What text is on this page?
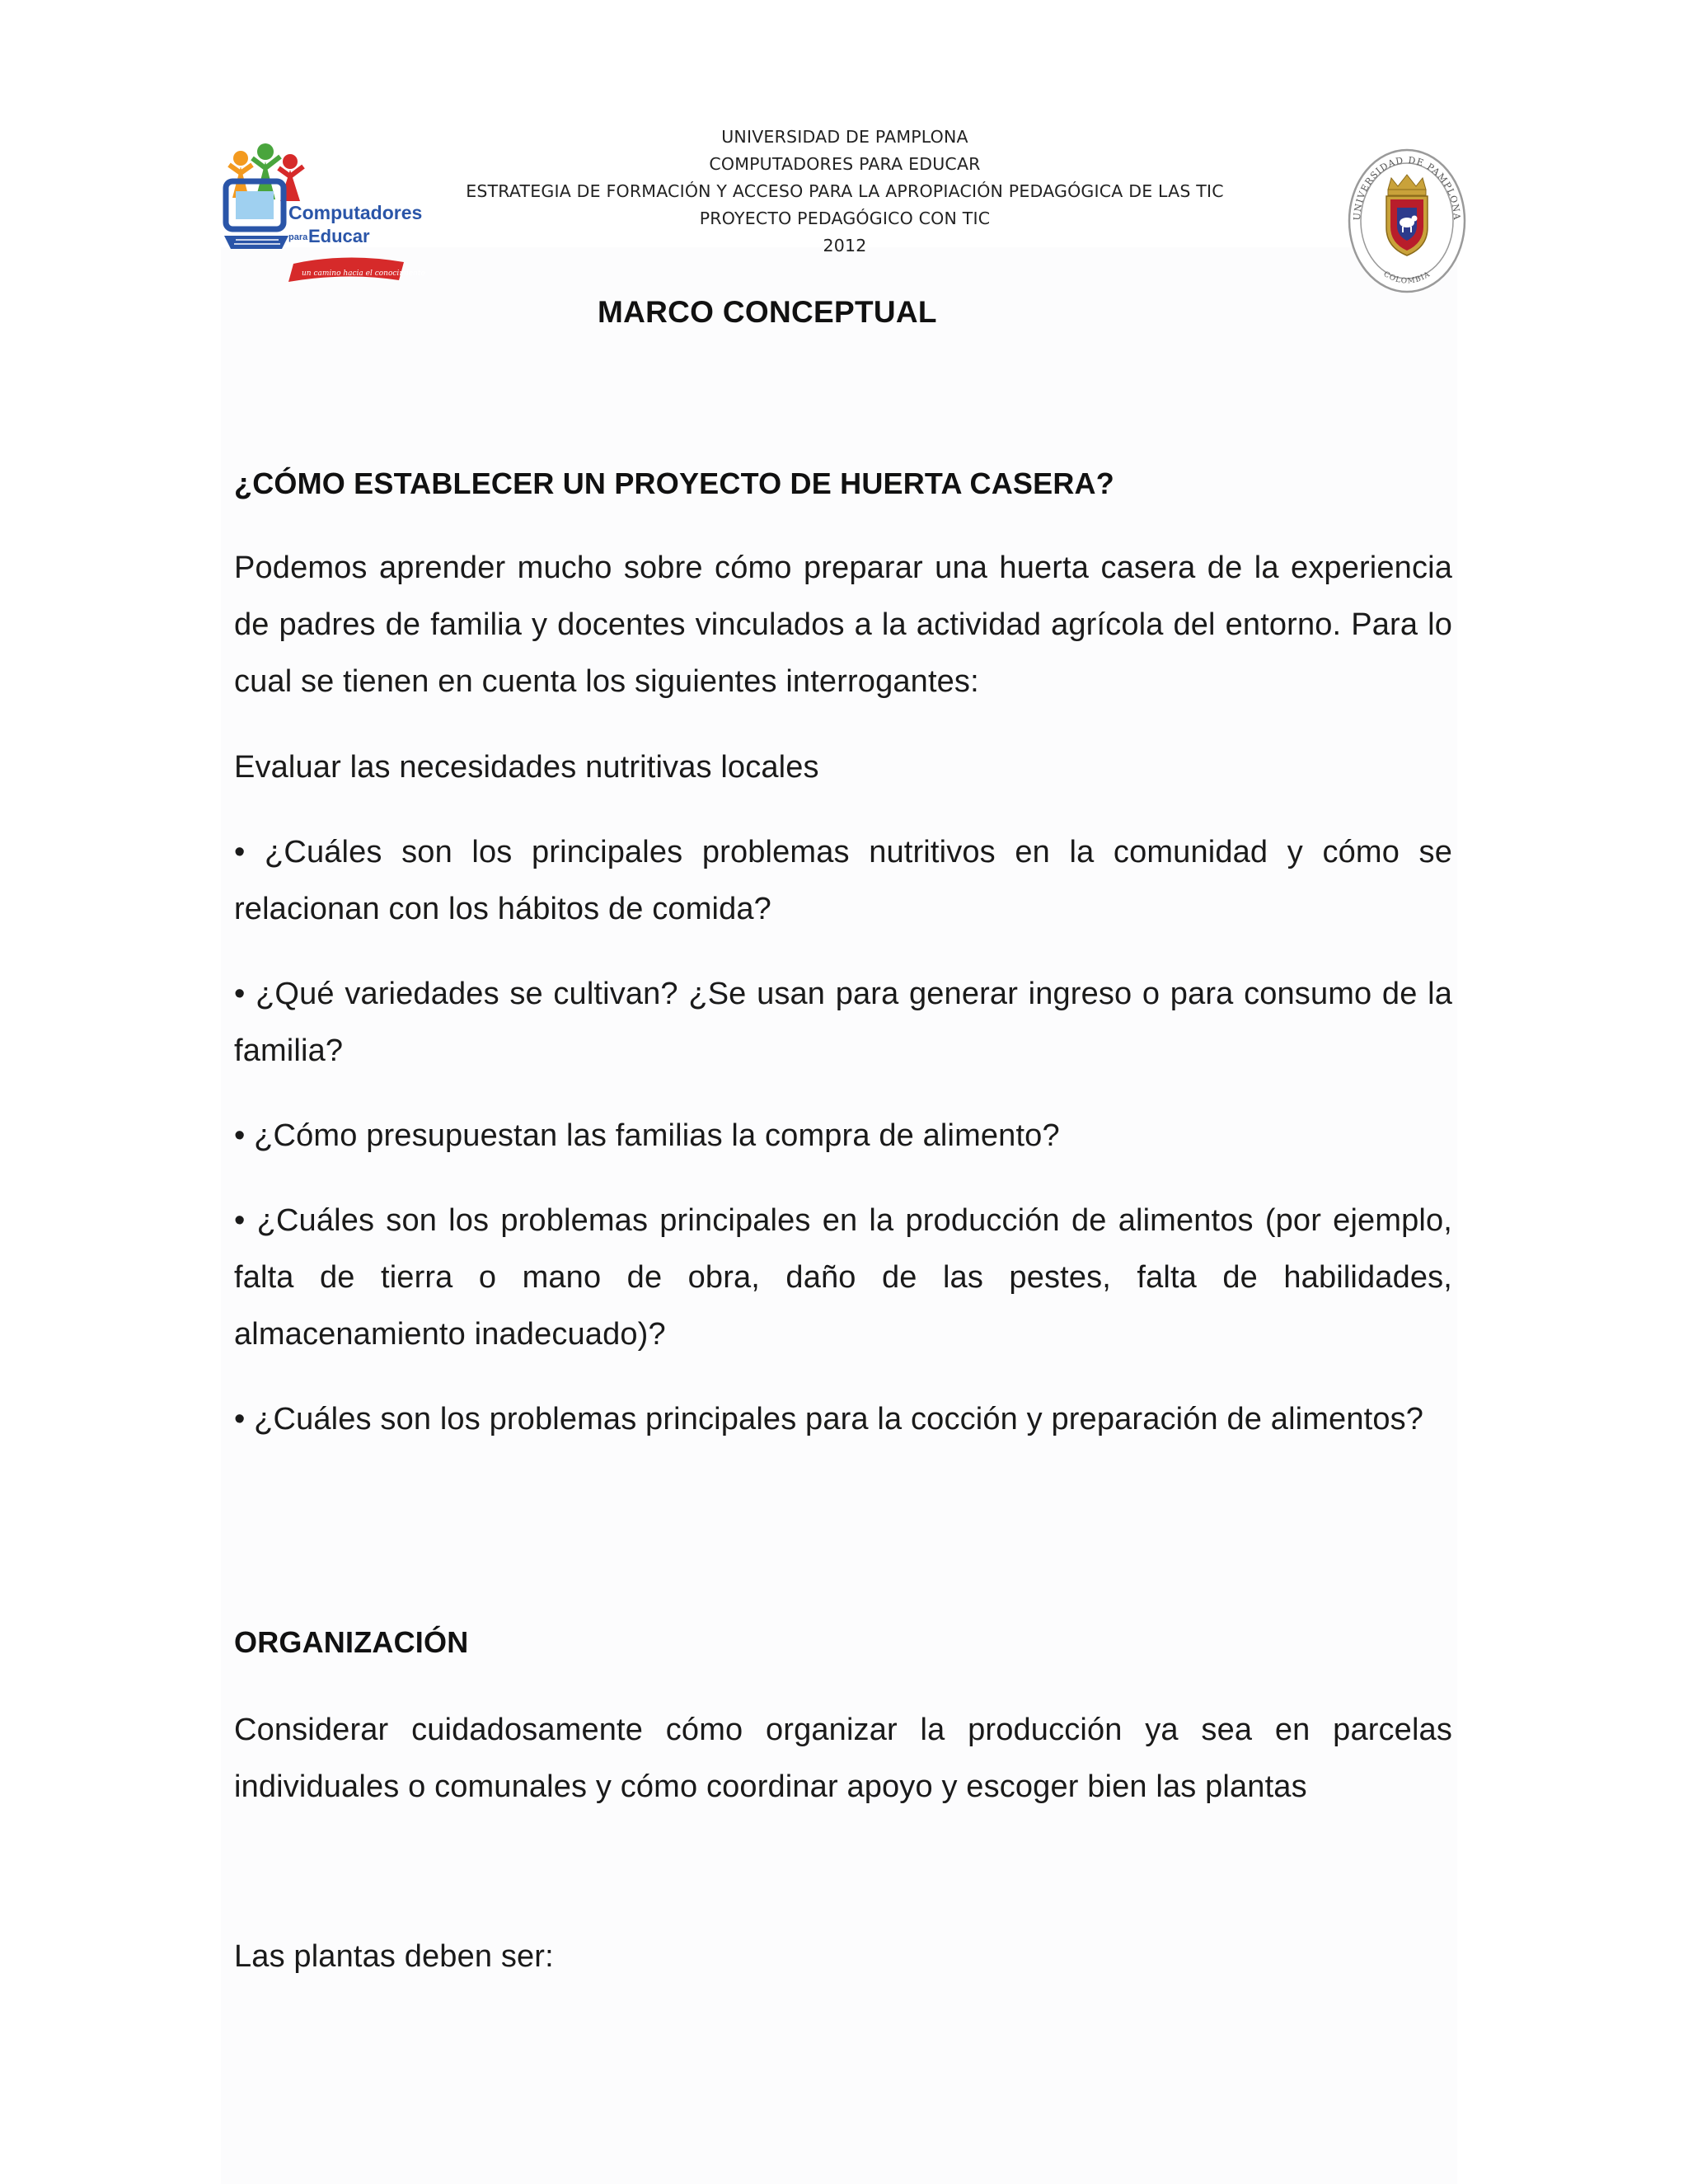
Computadores
para Educar
un camino hacia el conocimiento
UNIVERSIDAD DE PAMPLONA
COMPUTADORES PARA EDUCAR
ESTRATEGIA DE FORMACIÓN Y ACCESO PARA LA APROPIACIÓN PEDAGÓGICA DE LAS TIC
PROYECTO PEDAGÓGICO CON TIC
2012
UNIVERSIDAD DE PAMPLONA
COLOMBIA
MARCO CONCEPTUAL
¿CÓMO ESTABLECER UN PROYECTO DE HUERTA CASERA?
Podemos aprender mucho sobre cómo preparar una huerta casera de la experiencia de padres de familia y docentes vinculados a la actividad agrícola del entorno. Para lo cual se tienen en cuenta los siguientes interrogantes:
Evaluar las necesidades nutritivas locales
• ¿Cuáles son los principales problemas nutritivos en la comunidad y cómo se relacionan con los hábitos de comida?
• ¿Qué variedades se cultivan? ¿Se usan para generar ingreso o para consumo de la familia?
• ¿Cómo presupuestan las familias la compra de alimento?
• ¿Cuáles son los problemas principales en la producción de alimentos (por ejemplo, falta de tierra o mano de obra, daño de las pestes, falta de habilidades, almacenamiento inadecuado)?
• ¿Cuáles son los problemas principales para la cocción y preparación de alimentos?
ORGANIZACIÓN
Considerar cuidadosamente cómo organizar la producción ya sea en parcelas individuales o comunales y cómo coordinar apoyo y escoger bien las plantas
Las plantas deben ser:
